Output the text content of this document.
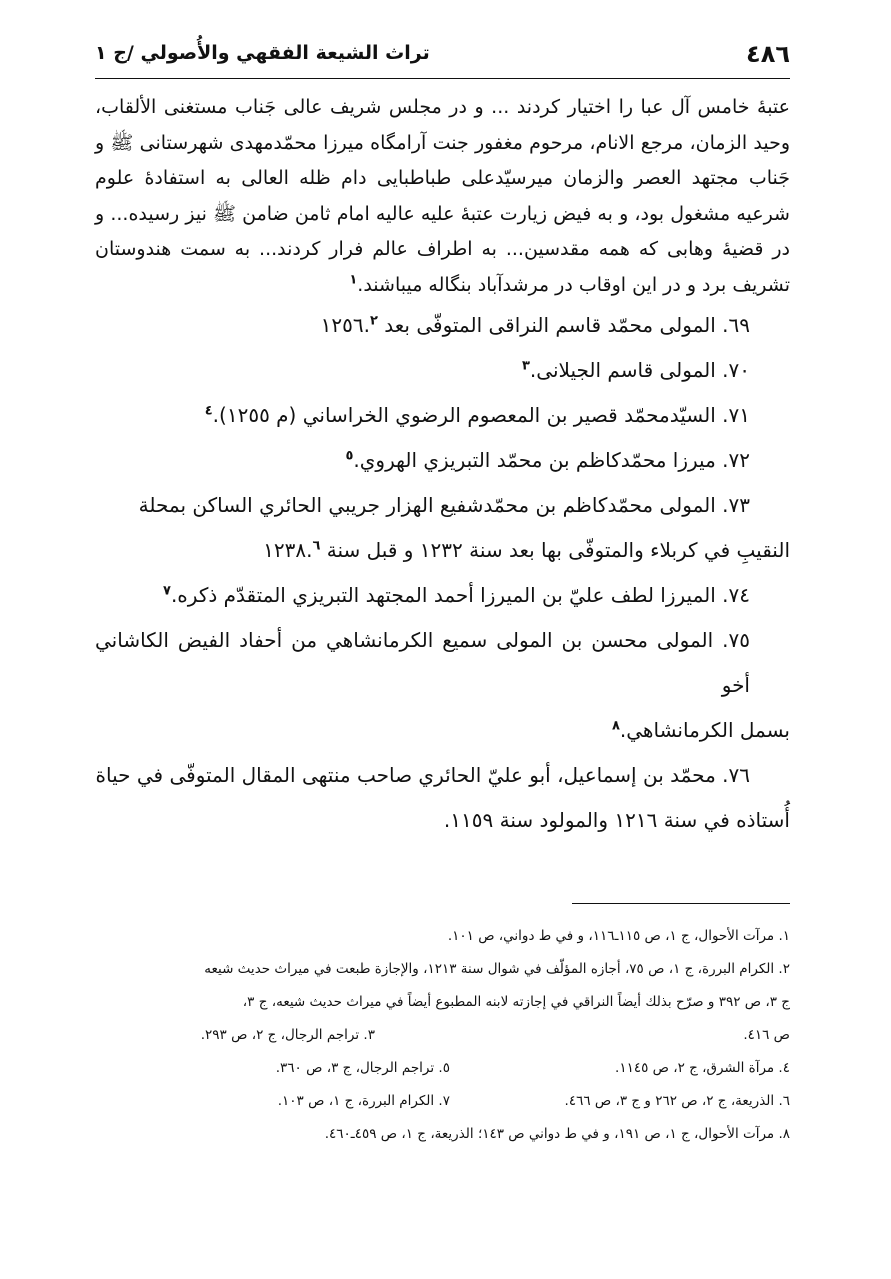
٤٨٦
تراث الشيعة الفقهي والأُصولي /ج ١

عتبهٔ خامس آل عبا را اختیار کردند ... و در مجلس شریف عالی جَناب مستغنی الألقاب، وحید الزمان، مرجع الانام، مرحوم مغفور جنت آرامگاه میرزا محمّدمهدی شهرستانی ﷺ و جَناب مجتهد العصر والزمان میرسیّدعلی طباطبایی دام ظله العالی به استفادهٔ علوم شرعیه مشغول بود، و به فیض زیارت عتبهٔ علیه عالیه امام ثامن ضامن ﷺ نیز رسیده... و در قضیهٔ وهابی که همه مقدسین... به اطراف عالم فرار کردند... به سمت هندوستان تشریف برد و در این اوقاب در مرشدآباد بنگاله میباشند.$^١$

٦٩. المولى محمّد قاسم النراقى المتوفّى بعد ١٢٥٦.$^٢$

٧٠. المولى قاسم الجيلانى.$^٣$

٧١. السيّدمحمّد قصير بن المعصوم الرضوي الخراساني (م ١٢٥٥).$^٤$

٧٢. ميرزا محمّدكاظم بن محمّد التبريزي الهروي.$^٥$

٧٣. المولى محمّدكاظم بن محمّدشفيع الهزار جريبي الحائري الساكن بمحلة
النقيبِ في كربلاء والمتوفّى بها بعد سنة ١٢٣٢ و قبل سنة ١٢٣٨.$^٦$

٧٤. الميرزا لطف عليّ بن الميرزا أحمد المجتهد التبريزي المتقدّم ذكره.$^٧$

٧٥. المولى محسن بن المولى سميع الكرمانشاهي من أحفاد الفيض الكاشاني أخو
بسمل الكرمانشاهي.$^٨$

٧٦. محمّد بن إسماعيل، أبو عليّ الحائري صاحب منتهى المقال المتوفّى في حياة
أُستاذه في سنة ١٢١٦ والمولود سنة ١١٥٩.

١. مرآت الأحوال، ج ١، ص ١١٥ـ١١٦، و في ط دواني، ص ١٠١.
٢. الكرام البررة، ج ١، ص ٧٥، أجازه المؤلّف في شوال سنة ١٢١٣، والإجازة طبعت في ميراث حديث شيعه
ج ٣، ص ٣٩٢ و صرّح بذلك أيضاً النراقي في إجازته لابنه المطبوع أيضاً في ميراث حديث شيعه، ج ٣،
ص ٤١٦.
٣. تراجم الرجال، ج ٢، ص ٢٩٣.
٤. مرآة الشرق، ج ٢، ص ١١٤٥.
٥. تراجم الرجال، ج ٣، ص ٣٦٠.
٦. الذريعة، ج ٢، ص ٢٦٢ و ج ٣، ص ٤٦٦.
٧. الكرام البررة، ج ١، ص ١٠٣.
٨. مرآت الأحوال، ج ١، ص ١٩١، و في ط دواني ص ١٤٣؛ الذريعة، ج ١، ص ٤٥٩ـ٤٦٠.
